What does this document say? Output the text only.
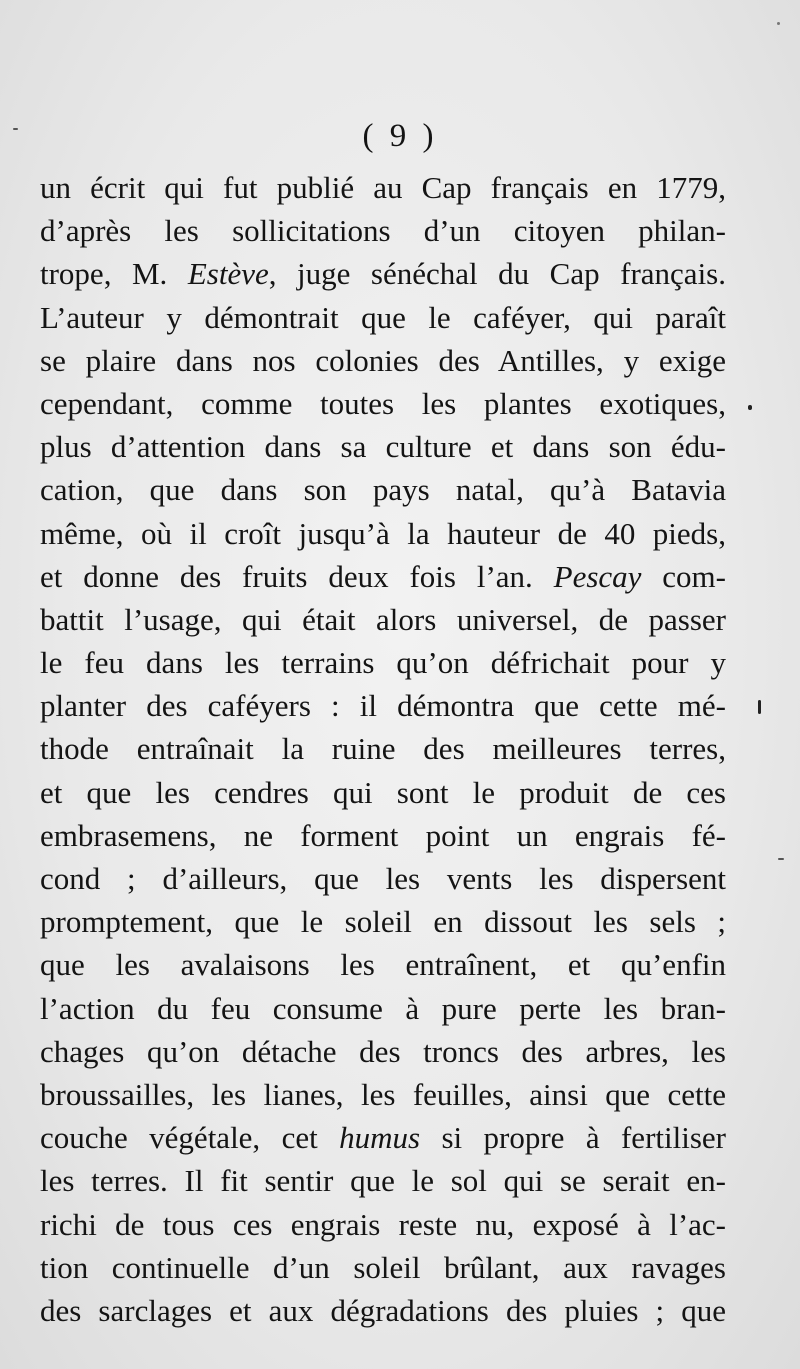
( 9 )
un écrit qui fut publié au Cap français en 1779,
d’après les sollicitations d’un citoyen philan-
trope, M. Estève, juge sénéchal du Cap français.
L’auteur y démontrait que le caféyer, qui paraît
se plaire dans nos colonies des Antilles, y exige
cependant, comme toutes les plantes exotiques,
plus d’attention dans sa culture et dans son édu-
cation, que dans son pays natal, qu’à Batavia
même, où il croît jusqu’à la hauteur de 40 pieds,
et donne des fruits deux fois l’an. Pescay com-
battit l’usage, qui était alors universel, de passer
le feu dans les terrains qu’on défrichait pour y
planter des caféyers : il démontra que cette mé-
thode entraînait la ruine des meilleures terres,
et que les cendres qui sont le produit de ces
embrasemens, ne forment point un engrais fé-
cond ; d’ailleurs, que les vents les dispersent
promptement, que le soleil en dissout les sels ;
que les avalaisons les entraînent, et qu’enfin
l’action du feu consume à pure perte les bran-
chages qu’on détache des troncs des arbres, les
broussailles, les lianes, les feuilles, ainsi que cette
couche végétale, cet humus si propre à fertiliser
les terres. Il fit sentir que le sol qui se serait en-
richi de tous ces engrais reste nu, exposé à l’ac-
tion continuelle d’un soleil brûlant, aux ravages
des sarclages et aux dégradations des pluies ; que
